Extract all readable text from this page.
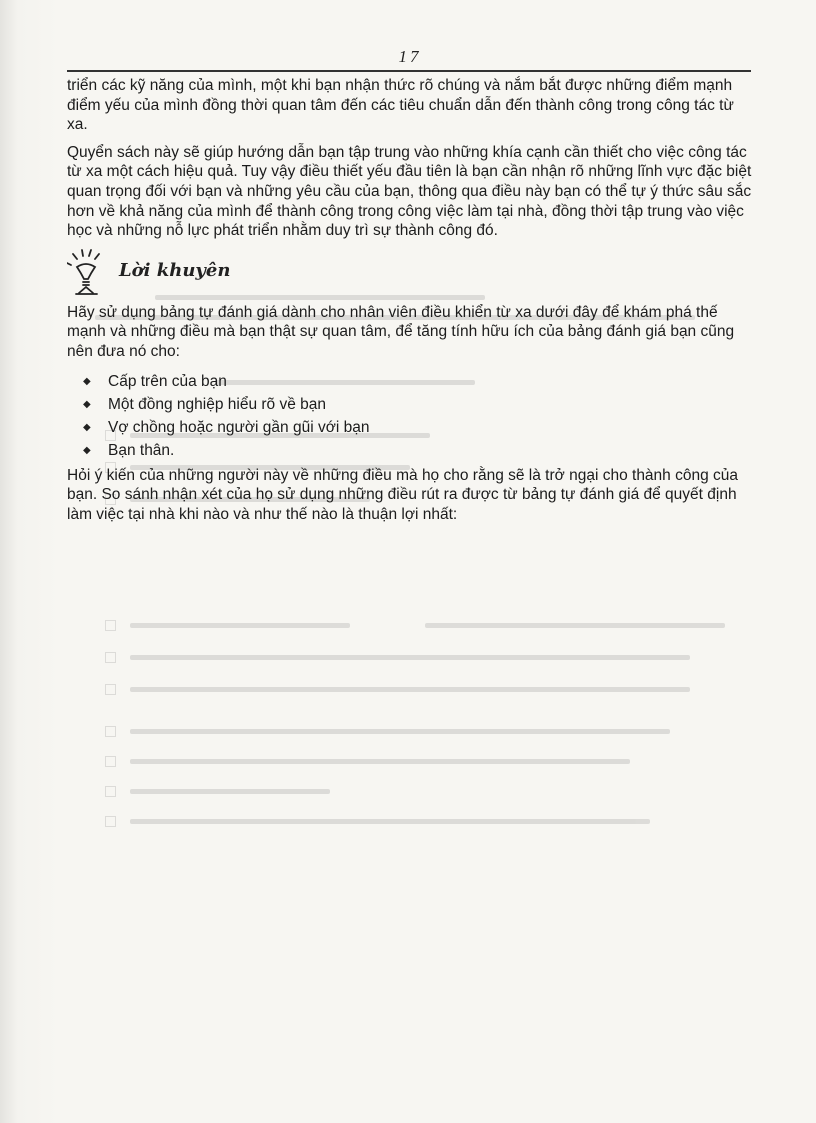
17

triển các kỹ năng của mình, một khi bạn nhận thức rõ chúng và nắm bắt được những điểm mạnh điểm yếu của mình đồng thời quan tâm đến các tiêu chuẩn dẫn đến thành công trong công tác từ xa.

Quyển sách này sẽ giúp hướng dẫn bạn tập trung vào những khía cạnh cần thiết cho việc công tác từ xa một cách hiệu quả. Tuy vậy điều thiết yếu đầu tiên là bạn cần nhận rõ những lĩnh vực đặc biệt quan trọng đối với bạn và những yêu cầu của bạn, thông qua điều này bạn có thể tự ý thức sâu sắc hơn về khả năng của mình để thành công trong công việc làm tại nhà, đồng thời tập trung vào việc học và những nỗ lực phát triển nhằm duy trì sự thành công đó.

Lời khuyên

Hãy sử dụng bảng tự đánh giá dành cho nhân viên điều khiển từ xa dưới đây để khám phá thế mạnh và những điều mà bạn thật sự quan tâm, để tăng tính hữu ích của bảng đánh giá bạn cũng nên đưa nó cho:

◆ Cấp trên của bạn
◆ Một đồng nghiệp hiểu rõ về bạn
◆ Vợ chồng hoặc người gần gũi với bạn
◆ Bạn thân.

Hỏi ý kiến của những người này về những điều mà họ cho rằng sẽ là trở ngại cho thành công của bạn. So sánh nhận xét của họ sử dụng những điều rút ra được từ bảng tự đánh giá để quyết định làm việc tại nhà khi nào và như thế nào là thuận lợi nhất:
